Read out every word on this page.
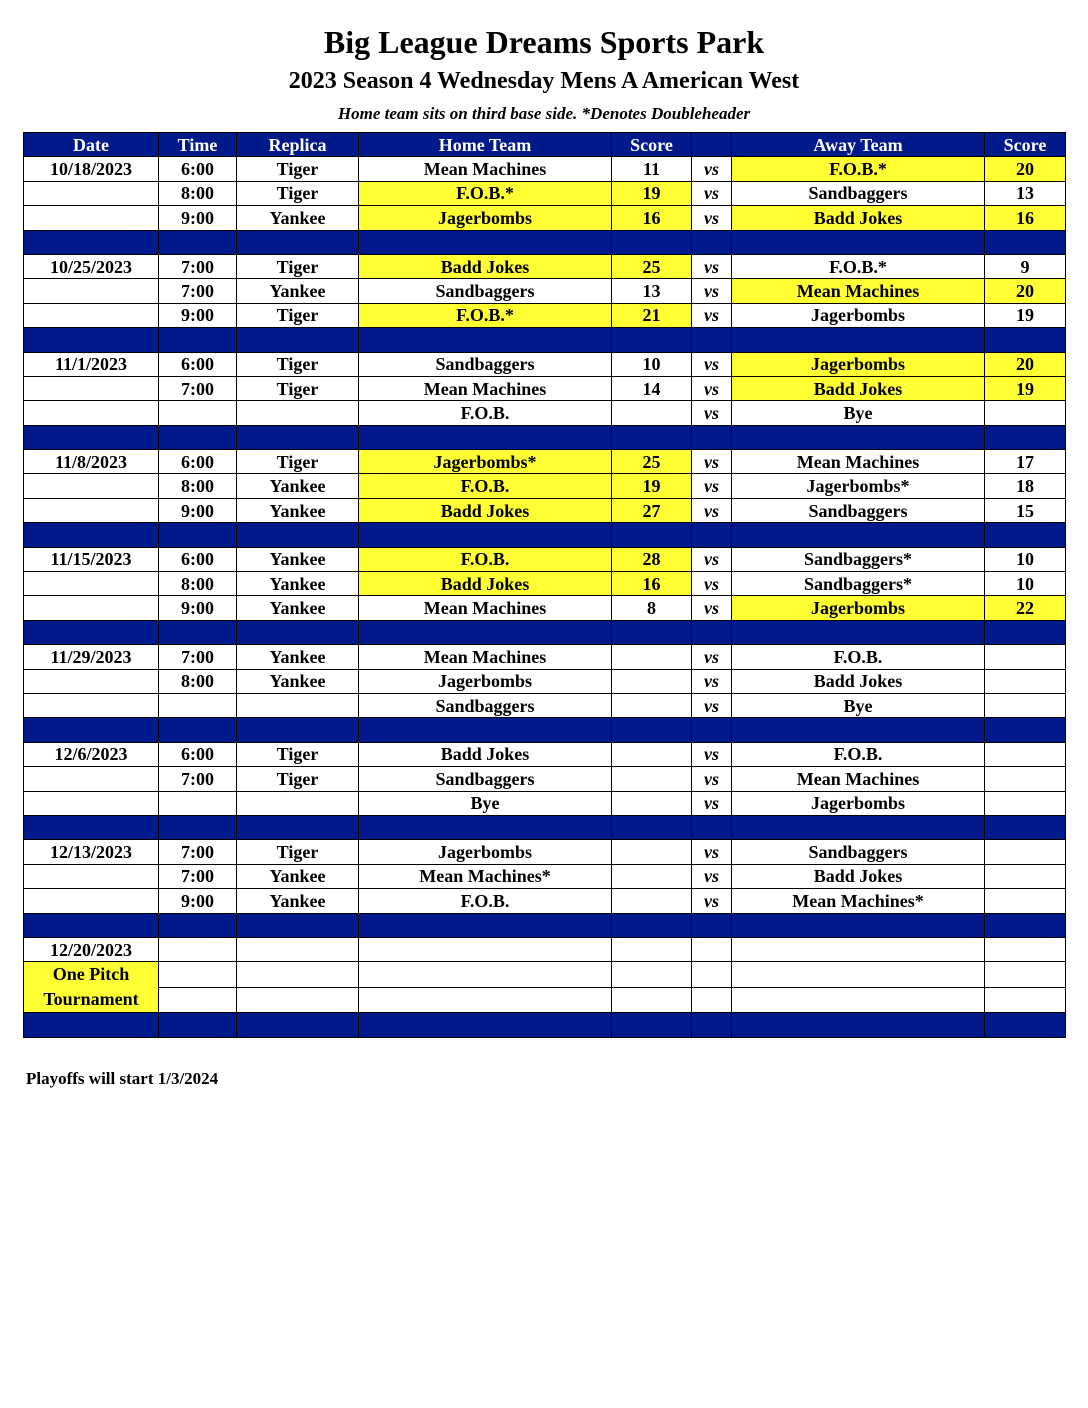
Big League Dreams Sports Park
2023 Season 4 Wednesday Mens A American West
Home team sits on third base side. *Denotes Doubleheader
Date	Time	Replica	Home Team	Score		Away Team	Score
10/18/2023	6:00	Tiger	Mean Machines	11	vs	F.O.B.*	20
	8:00	Tiger	F.O.B.*	19	vs	Sandbaggers	13
	9:00	Yankee	Jagerbombs	16	vs	Badd Jokes	16

10/25/2023	7:00	Tiger	Badd Jokes	25	vs	F.O.B.*	9
	7:00	Yankee	Sandbaggers	13	vs	Mean Machines	20
	9:00	Tiger	F.O.B.*	21	vs	Jagerbombs	19

11/1/2023	6:00	Tiger	Sandbaggers	10	vs	Jagerbombs	20
	7:00	Tiger	Mean Machines	14	vs	Badd Jokes	19
			F.O.B.		vs	Bye	

11/8/2023	6:00	Tiger	Jagerbombs*	25	vs	Mean Machines	17
	8:00	Yankee	F.O.B.	19	vs	Jagerbombs*	18
	9:00	Yankee	Badd Jokes	27	vs	Sandbaggers	15

11/15/2023	6:00	Yankee	F.O.B.	28	vs	Sandbaggers*	10
	8:00	Yankee	Badd Jokes	16	vs	Sandbaggers*	10
	9:00	Yankee	Mean Machines	8	vs	Jagerbombs	22

11/29/2023	7:00	Yankee	Mean Machines		vs	F.O.B.	
	8:00	Yankee	Jagerbombs		vs	Badd Jokes	
			Sandbaggers		vs	Bye	

12/6/2023	6:00	Tiger	Badd Jokes		vs	F.O.B.	
	7:00	Tiger	Sandbaggers		vs	Mean Machines	
			Bye		vs	Jagerbombs	

12/13/2023	7:00	Tiger	Jagerbombs		vs	Sandbaggers	
	7:00	Yankee	Mean Machines*		vs	Badd Jokes	
	9:00	Yankee	F.O.B.		vs	Mean Machines*	

12/20/2023							
One Pitch Tournament							

Playoffs will start 1/3/2024
